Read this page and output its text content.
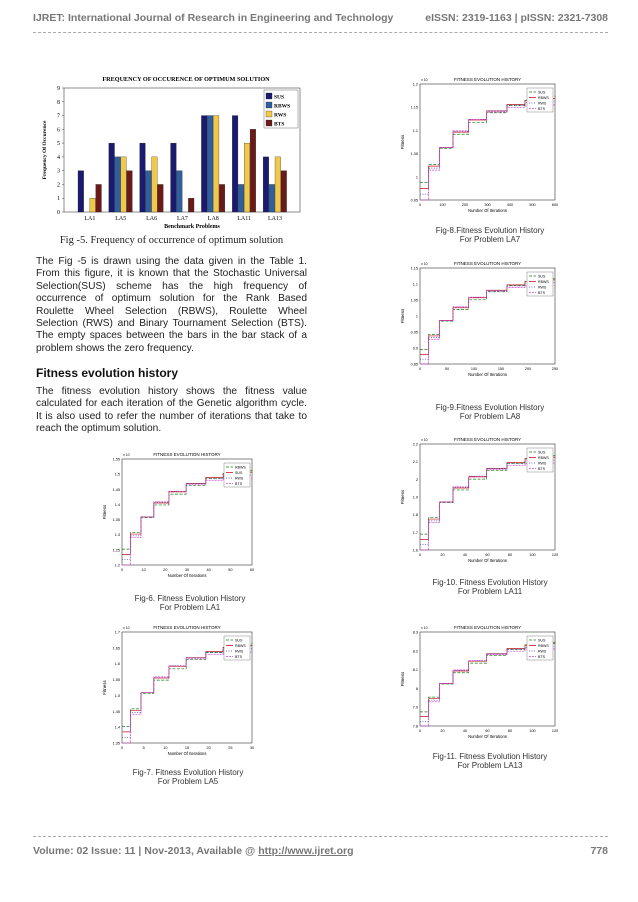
IJRET: International Journal of Research in Engineering and Technology	eISSN: 2319-1163 | pISSN: 2321-7308
FREQUENCY OF OCCURENCE OF OPTIMUM SOLUTION
0
1
2
3
4
5
6
7
8
9
Frequency Of Occurence
Benchmark Problems
LA1	LA5	LA6	LA7	LA8	LA11	LA13
SUS
RBWS
RWS
BTS
Fig -5. Frequency of occurrence of optimum solution
The Fig -5 is drawn using the data given in the Table 1. From this figure, it is known that the Stochastic Universal Selection(SUS) scheme has the high frequency of occurrence of optimum solution for the Rank Based Roulette Wheel Selection (RBWS), Roulette Wheel Selection (RWS) and Binary Tournament Selection (BTS). The empty spaces between the bars in the bar stack of a problem shows the zero frequency.
Fitness evolution history
The fitness evolution history shows the fitness value calculated for each iteration of the Genetic algorithm cycle. It is also used to refer the number of iterations that take to reach the optimum solution.
FITNESS EVOLUTION HISTORY
x 10
1.2
1.25
1.3
1.35
1.4
1.45
1.5
1.55
0	10	20	30	40	50	60
Number Of Iterations
Fitness
RBWS
SUS
RWS
BTS
Fig-6. Fitness Evolution History
For Problem LA1
FITNESS EVOLUTION HISTORY
x 10
1.35
1.4
1.45
1.5
1.55
1.6
1.65
1.7
0	5	10	15	20	25	30
Number Of Iterations
Fitness
SUS
RBWS
RWS
BTS
Fig-7. Fitness Evolution History
For Problem LA5
FITNESS EVOLUTION HISTORY
x 10
0.95
1
1.05
1.1
1.15
1.2
0	100	200	300	400	500	600
Number Of Iterations
Fitness
SUS
RBWS
RWS
BTS
Fig-8.Fitness Evolution History
For Problem LA7
FITNESS EVOLUTION HISTORY
x 10
0.85
0.9
0.95
1
1.05
1.1
1.15
0	50	100	150	200	250
Number Of Iterations
Fitness
SUS
RBWS
RWS
BTS
Fig-9.Fitness Evolution History
For Problem LA8
FITNESS EVOLUTION HISTORY
x 10
1.6
1.7
1.8
1.9
2
2.1
2.2
0	20	40	60	80	100	120
Number Of Iterations
Fitness
SUS
RBWS
RWS
BTS
Fig-10. Fitness Evolution History
For Problem LA11
FITNESS EVOLUTION HISTORY
x 10
7.8
7.9
8
8.1
8.2
8.3
0	20	40	60	80	100	120
Number Of Iterations
Fitness
SUS
RBWS
RWS
BTS
Fig-11. Fitness Evolution History
For Problem LA13
Volume: 02 Issue: 11 | Nov-2013, Available @ http://www.ijret.org	778
